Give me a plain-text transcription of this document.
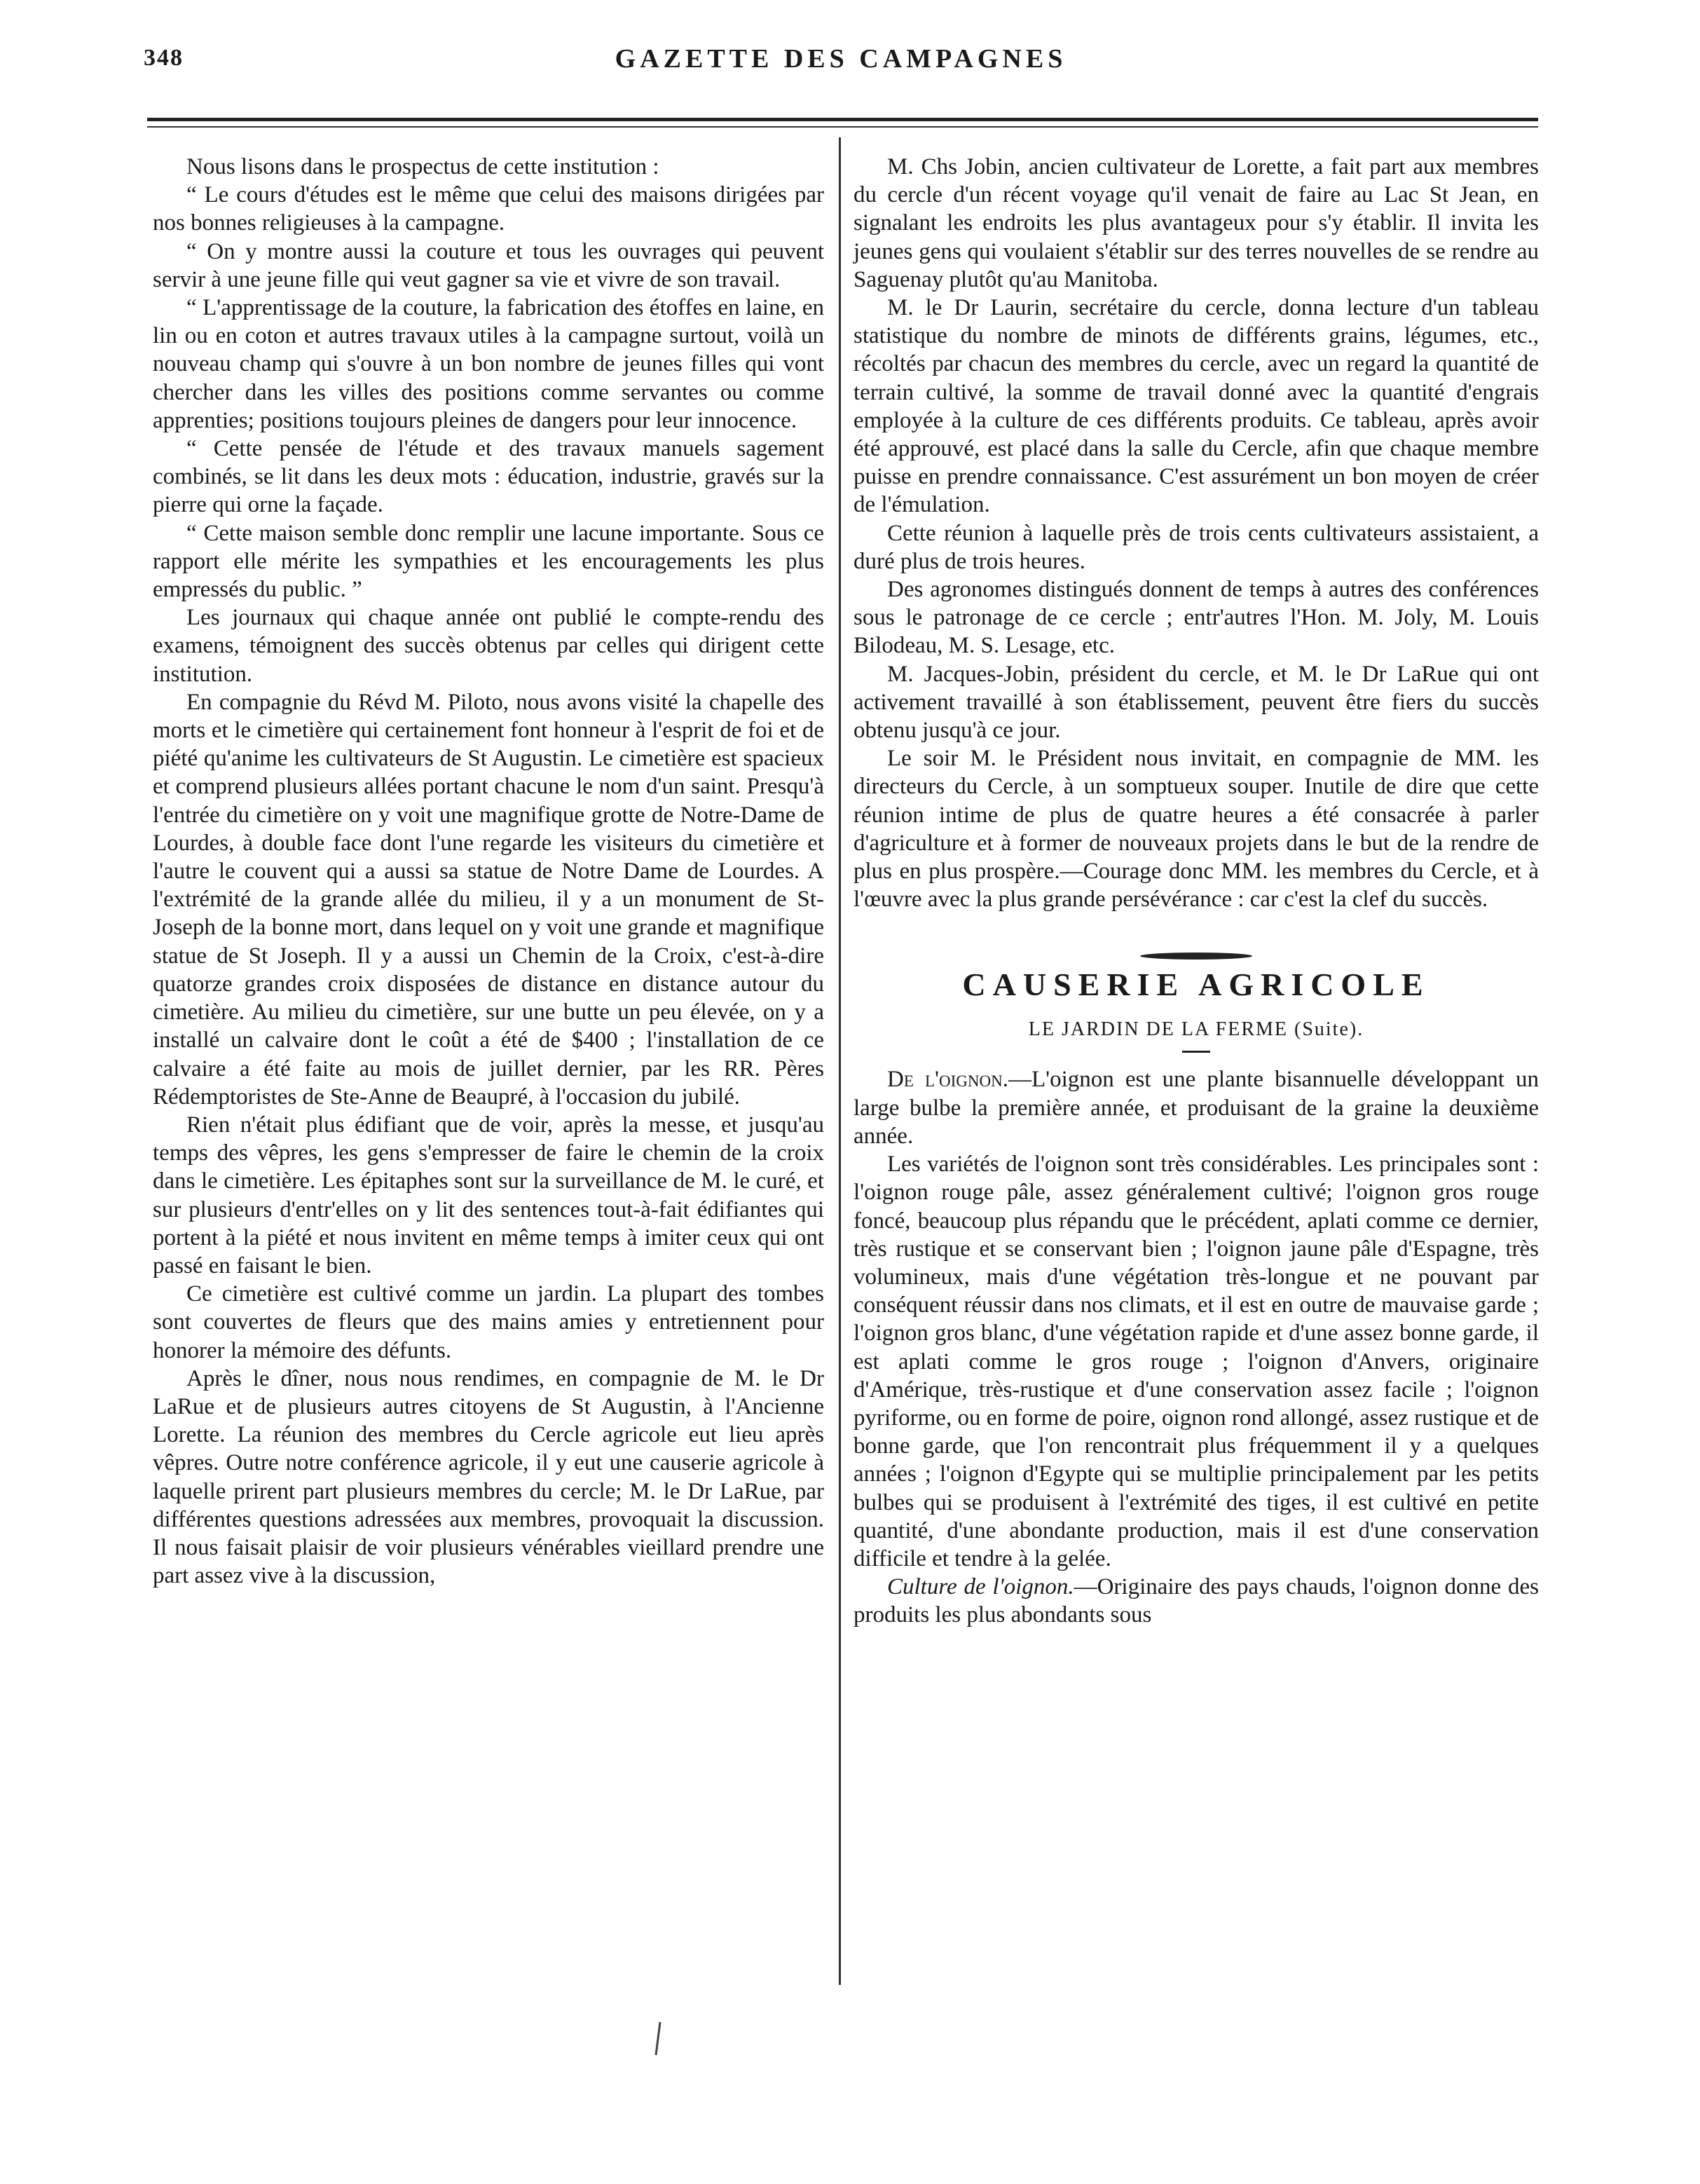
348	GAZETTE DES CAMPAGNES

Nous lisons dans le prospectus de cette institution :

“ Le cours d'études est le même que celui des maisons dirigées par nos bonnes religieuses à la campagne.

“ On y montre aussi la couture et tous les ouvrages qui peuvent servir à une jeune fille qui veut gagner sa vie et vivre de son travail.

“ L'apprentissage de la couture, la fabrication des étoffes en laine, en lin ou en coton et autres travaux utiles à la campagne surtout, voilà un nouveau champ qui s'ouvre à un bon nombre de jeunes filles qui vont chercher dans les villes des positions comme servantes ou comme apprenties; positions toujours pleines de dangers pour leur innocence.

“ Cette pensée de l'étude et des travaux manuels sagement combinés, se lit dans les deux mots : éducation, industrie, gravés sur la pierre qui orne la façade.

“ Cette maison semble donc remplir une lacune importante. Sous ce rapport elle mérite les sympathies et les encouragements les plus empressés du public. ”

Les journaux qui chaque année ont publié le compte-rendu des examens, témoignent des succès obtenus par celles qui dirigent cette institution.

En compagnie du Révd M. Piloto, nous avons visité la chapelle des morts et le cimetière qui certainement font honneur à l'esprit de foi et de piété qu'anime les cultivateurs de St Augustin. Le cimetière est spacieux et comprend plusieurs allées portant chacune le nom d'un saint. Presqu'à l'entrée du cimetière on y voit une magnifique grotte de Notre-Dame de Lourdes, à double face dont l'une regarde les visiteurs du cimetière et l'autre le couvent qui a aussi sa statue de Notre Dame de Lourdes. A l'extrémité de la grande allée du milieu, il y a un monument de St-Joseph de la bonne mort, dans lequel on y voit une grande et magnifique statue de St Joseph. Il y a aussi un Chemin de la Croix, c'est-à-dire quatorze grandes croix disposées de distance en distance autour du cimetière. Au milieu du cimetière, sur une butte un peu élevée, on y a installé un calvaire dont le coût a été de $400 ; l'installation de ce calvaire a été faite au mois de juillet dernier, par les RR. Pères Rédemptoristes de Ste-Anne de Beaupré, à l'occasion du jubilé.

Rien n'était plus édifiant que de voir, après la messe, et jusqu'au temps des vêpres, les gens s'empresser de faire le chemin de la croix dans le cimetière. Les épitaphes sont sur la surveillance de M. le curé, et sur plusieurs d'entr'elles on y lit des sentences tout-à-fait édifiantes qui portent à la piété et nous invitent en même temps à imiter ceux qui ont passé en faisant le bien.

Ce cimetière est cultivé comme un jardin. La plupart des tombes sont couvertes de fleurs que des mains amies y entretiennent pour honorer la mémoire des défunts.

Après le dîner, nous nous rendimes, en compagnie de M. le Dr LaRue et de plusieurs autres citoyens de St Augustin, à l'Ancienne Lorette. La réunion des membres du Cercle agricole eut lieu après vêpres. Outre notre conférence agricole, il y eut une causerie agricole à laquelle prirent part plusieurs membres du cercle; M. le Dr LaRue, par différentes questions adressées aux membres, provoquait la discussion. Il nous faisait plaisir de voir plusieurs vénérables vieillard prendre une part assez vive à la discussion,

M. Chs Jobin, ancien cultivateur de Lorette, a fait part aux membres du cercle d'un récent voyage qu'il venait de faire au Lac St Jean, en signalant les endroits les plus avantageux pour s'y établir. Il invita les jeunes gens qui voulaient s'établir sur des terres nouvelles de se rendre au Saguenay plutôt qu'au Manitoba.

M. le Dr Laurin, secrétaire du cercle, donna lecture d'un tableau statistique du nombre de minots de différents grains, légumes, etc., récoltés par chacun des membres du cercle, avec un regard la quantité de terrain cultivé, la somme de travail donné avec la quantité d'engrais employée à la culture de ces différents produits. Ce tableau, après avoir été approuvé, est placé dans la salle du Cercle, afin que chaque membre puisse en prendre connaissance. C'est assurément un bon moyen de créer de l'émulation.

Cette réunion à laquelle près de trois cents cultivateurs assistaient, a duré plus de trois heures.

Des agronomes distingués donnent de temps à autres des conférences sous le patronage de ce cercle ; entr'autres l'Hon. M. Joly, M. Louis Bilodeau, M. S. Lesage, etc.

M. Jacques-Jobin, président du cercle, et M. le Dr LaRue qui ont activement travaillé à son établissement, peuvent être fiers du succès obtenu jusqu'à ce jour.

Le soir M. le Président nous invitait, en compagnie de MM. les directeurs du Cercle, à un somptueux souper. Inutile de dire que cette réunion intime de plus de quatre heures a été consacrée à parler d'agriculture et à former de nouveaux projets dans le but de la rendre de plus en plus prospère.—Courage donc MM. les membres du Cercle, et à l'œuvre avec la plus grande persévérance : car c'est la clef du succès.

CAUSERIE AGRICOLE
LE JARDIN DE LA FERME (Suite).

De l'oignon.—L'oignon est une plante bisannuelle développant un large bulbe la première année, et produisant de la graine la deuxième année.

Les variétés de l'oignon sont très considérables. Les principales sont : l'oignon rouge pâle, assez généralement cultivé; l'oignon gros rouge foncé, beaucoup plus répandu que le précédent, aplati comme ce dernier, très rustique et se conservant bien ; l'oignon jaune pâle d'Espagne, très volumineux, mais d'une végétation très-longue et ne pouvant par conséquent réussir dans nos climats, et il est en outre de mauvaise garde ; l'oignon gros blanc, d'une végétation rapide et d'une assez bonne garde, il est aplati comme le gros rouge ; l'oignon d'Anvers, originaire d'Amérique, très-rustique et d'une conservation assez facile ; l'oignon pyriforme, ou en forme de poire, oignon rond allongé, assez rustique et de bonne garde, que l'on rencontrait plus fréquemment il y a quelques années ; l'oignon d'Egypte qui se multiplie principalement par les petits bulbes qui se produisent à l'extrémité des tiges, il est cultivé en petite quantité, d'une abondante production, mais il est d'une conservation difficile et tendre à la gelée.

Culture de l'oignon.—Originaire des pays chauds, l'oignon donne des produits les plus abondants sous
